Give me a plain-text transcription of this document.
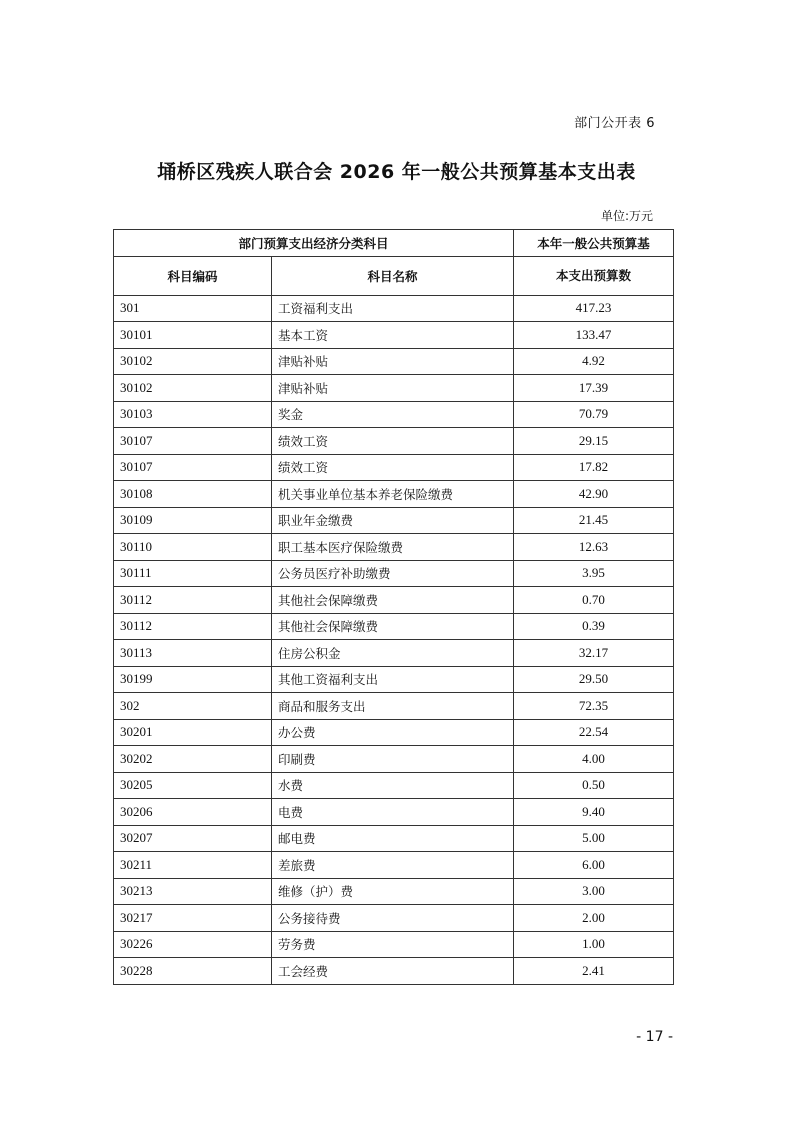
部门公开表 6
埇桥区残疾人联合会 2026 年一般公共预算基本支出表
单位:万元
部门预算支出经济分类科目		本年一般公共预算基
科目编码	科目名称	本支出预算数
301	工资福利支出	417.23
30101	基本工资	133.47
30102	津贴补贴	4.92
30102	津贴补贴	17.39
30103	奖金	70.79
30107	绩效工资	29.15
30107	绩效工资	17.82
30108	机关事业单位基本养老保险缴费	42.90
30109	职业年金缴费	21.45
30110	职工基本医疗保险缴费	12.63
30111	公务员医疗补助缴费	3.95
30112	其他社会保障缴费	0.70
30112	其他社会保障缴费	0.39
30113	住房公积金	32.17
30199	其他工资福利支出	29.50
302	商品和服务支出	72.35
30201	办公费	22.54
30202	印刷费	4.00
30205	水费	0.50
30206	电费	9.40
30207	邮电费	5.00
30211	差旅费	6.00
30213	维修（护）费	3.00
30217	公务接待费	2.00
30226	劳务费	1.00
30228	工会经费	2.41
- 17 -
